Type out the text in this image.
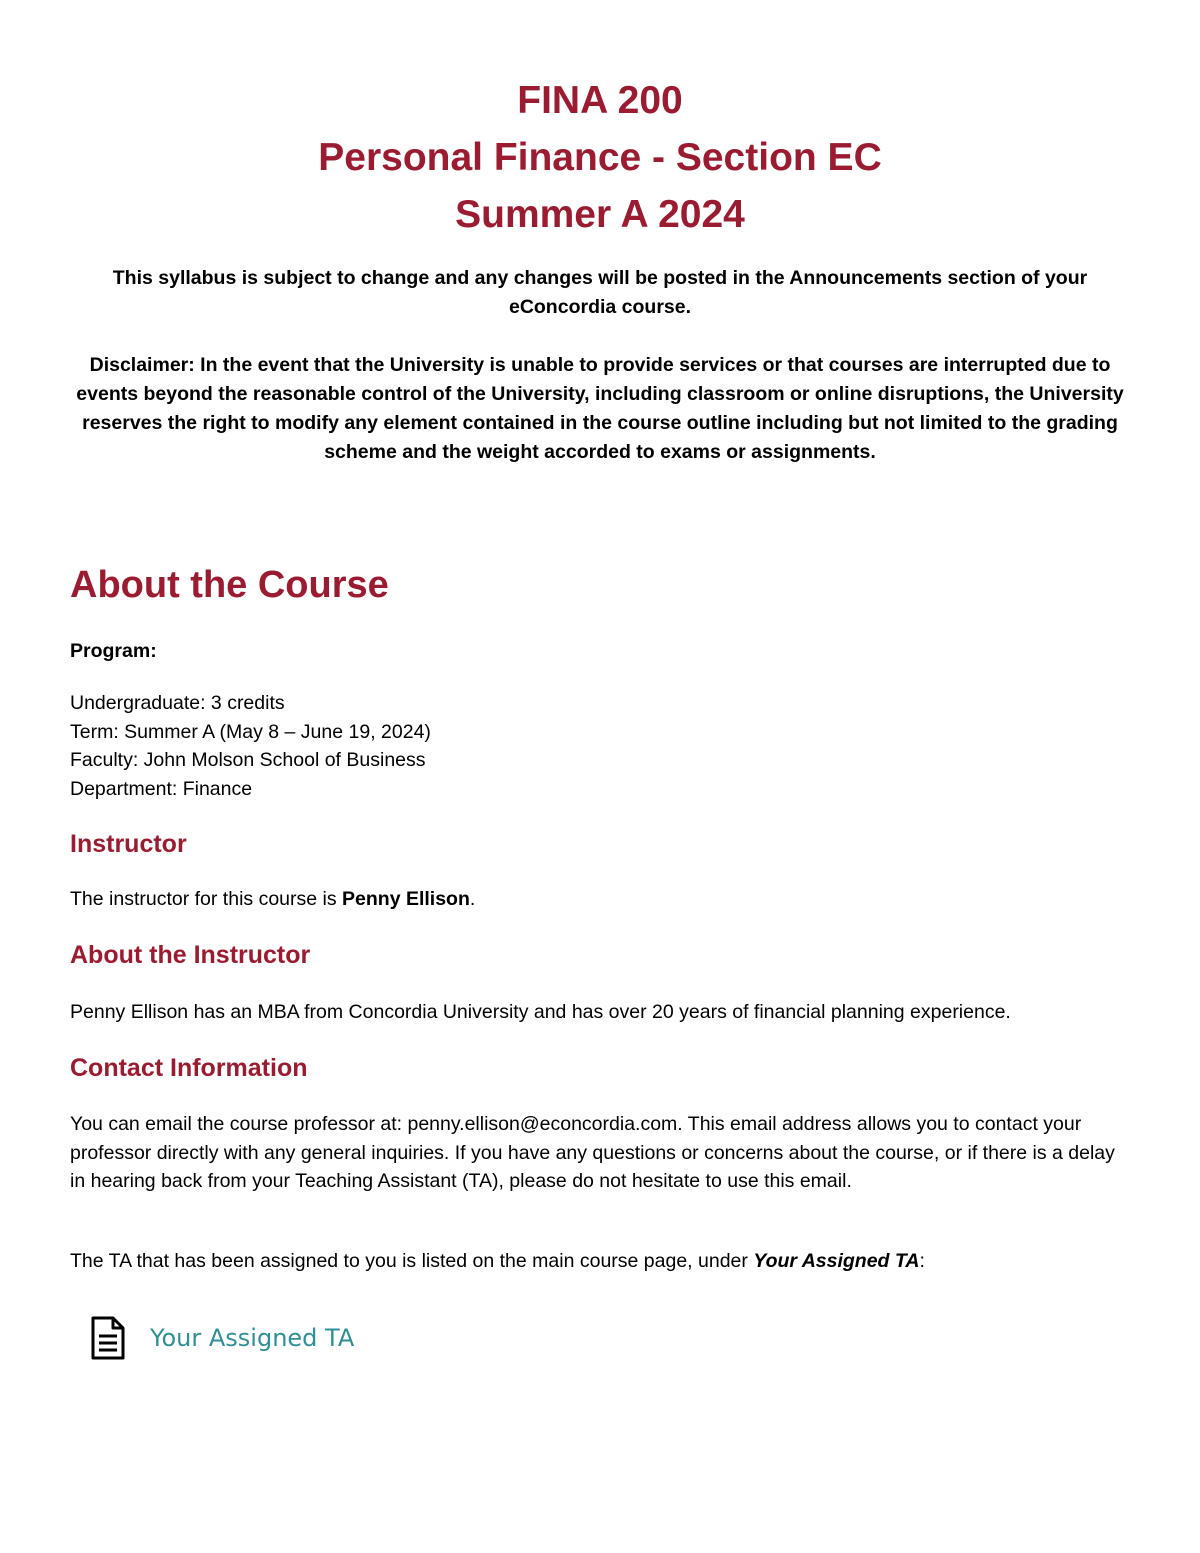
FINA 200

Personal Finance - Section EC

Summer A 2024

This syllabus is subject to change and any changes will be posted in the Announcements section of your eConcordia course.

Disclaimer: In the event that the University is unable to provide services or that courses are interrupted due to events beyond the reasonable control of the University, including classroom or online disruptions, the University reserves the right to modify any element contained in the course outline including but not limited to the grading scheme and the weight accorded to exams or assignments.

About the Course

Program:

Undergraduate: 3 credits
Term: Summer A (May 8 – June 19, 2024)
Faculty: John Molson School of Business
Department: Finance
Instructor

The instructor for this course is Penny Ellison.

About the Instructor

Penny Ellison has an MBA from Concordia University and has over 20 years of financial planning experience.

Contact Information

You can email the course professor at: penny.ellison@econcordia.com. This email address allows you to contact your professor directly with any general inquiries. If you have any questions or concerns about the course, or if there is a delay in hearing back from your Teaching Assistant (TA), please do not hesitate to use this email.

The TA that has been assigned to you is listed on the main course page, under Your Assigned TA:

Your Assigned TA
